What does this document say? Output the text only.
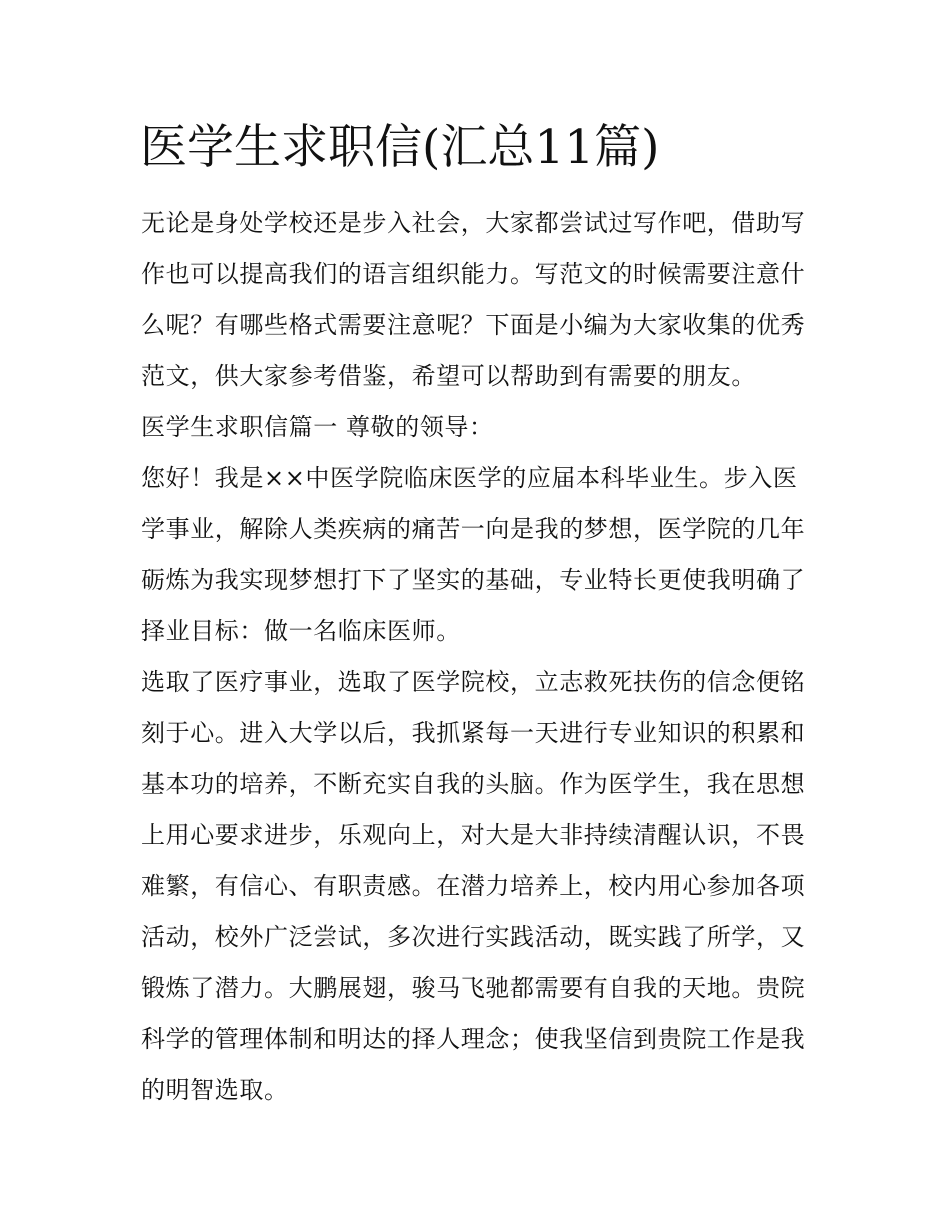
医学生求职信(汇总11篇)
无论是身处学校还是步入社会，大家都尝试过写作吧，借助写
作也可以提高我们的语言组织能力。写范文的时候需要注意什
么呢？有哪些格式需要注意呢？下面是小编为大家收集的优秀
范文，供大家参考借鉴，希望可以帮助到有需要的朋友。
医学生求职信篇一 尊敬的领导：
您好！我是××中医学院临床医学的应届本科毕业生。步入医
学事业，解除人类疾病的痛苦一向是我的梦想，医学院的几年
砺炼为我实现梦想打下了坚实的基础，专业特长更使我明确了
择业目标：做一名临床医师。
选取了医疗事业，选取了医学院校，立志救死扶伤的信念便铭
刻于心。进入大学以后，我抓紧每一天进行专业知识的积累和
基本功的培养，不断充实自我的头脑。作为医学生，我在思想
上用心要求进步，乐观向上，对大是大非持续清醒认识，不畏
难繁，有信心、有职责感。在潜力培养上，校内用心参加各项
活动，校外广泛尝试，多次进行实践活动，既实践了所学，又
锻炼了潜力。大鹏展翅，骏马飞驰都需要有自我的天地。贵院
科学的管理体制和明达的择人理念；使我坚信到贵院工作是我
的明智选取。
